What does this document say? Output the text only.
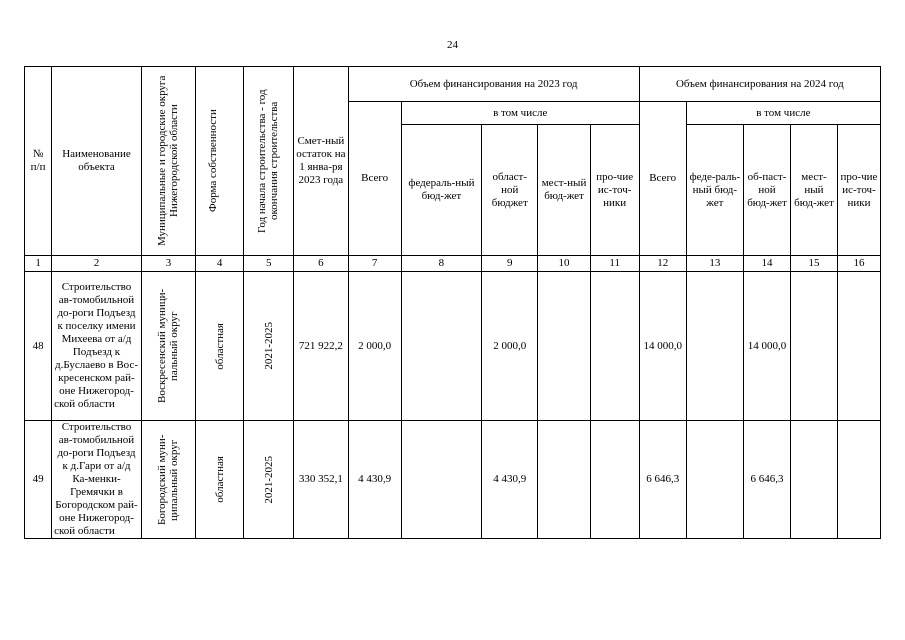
24
№ п/п	Наименование объекта	Муниципальные и городские округа Нижегородской области	Форма собственности	Год начала строительства - год окончания строительства	Смет-ный остаток на 1 янва-ря 2023 года	Объем финансирования на 2023 год					Объем финансирования на 2024 год				
						Всего	в том числе				Всего	в том числе			
							федераль-ный бюд-жет	област-ной бюджет	мест-ный бюд-жет	про-чие ис-точ-ники		феде-раль-ный бюд-жет	об-паст-ной бюд-жет	мест-ный бюд-жет	про-чие ис-точ-ники
1	2	3	4	5	6	7	8	9	10	11	12	13	14	15	16
48	Строительство ав-томобильной до-роги Подъезд к поселку имени Михеева от а/д Подъезд к д.Буслаево в Вос-кресенском рай-оне Нижегород-ской области	Воскресенский муници-пальный округ	областная	2021-2025	721 922,2	2 000,0		2 000,0			14 000,0		14 000,0		
49	Строительство ав-томобильной до-роги Подъезд к д.Гари от а/д Ка-менки-Гремячки в Богородском рай-оне Нижегород-ской области	Богородский муни-ципальный округ	областная	2021-2025	330 352,1	4 430,9		4 430,9			6 646,3		6 646,3		
